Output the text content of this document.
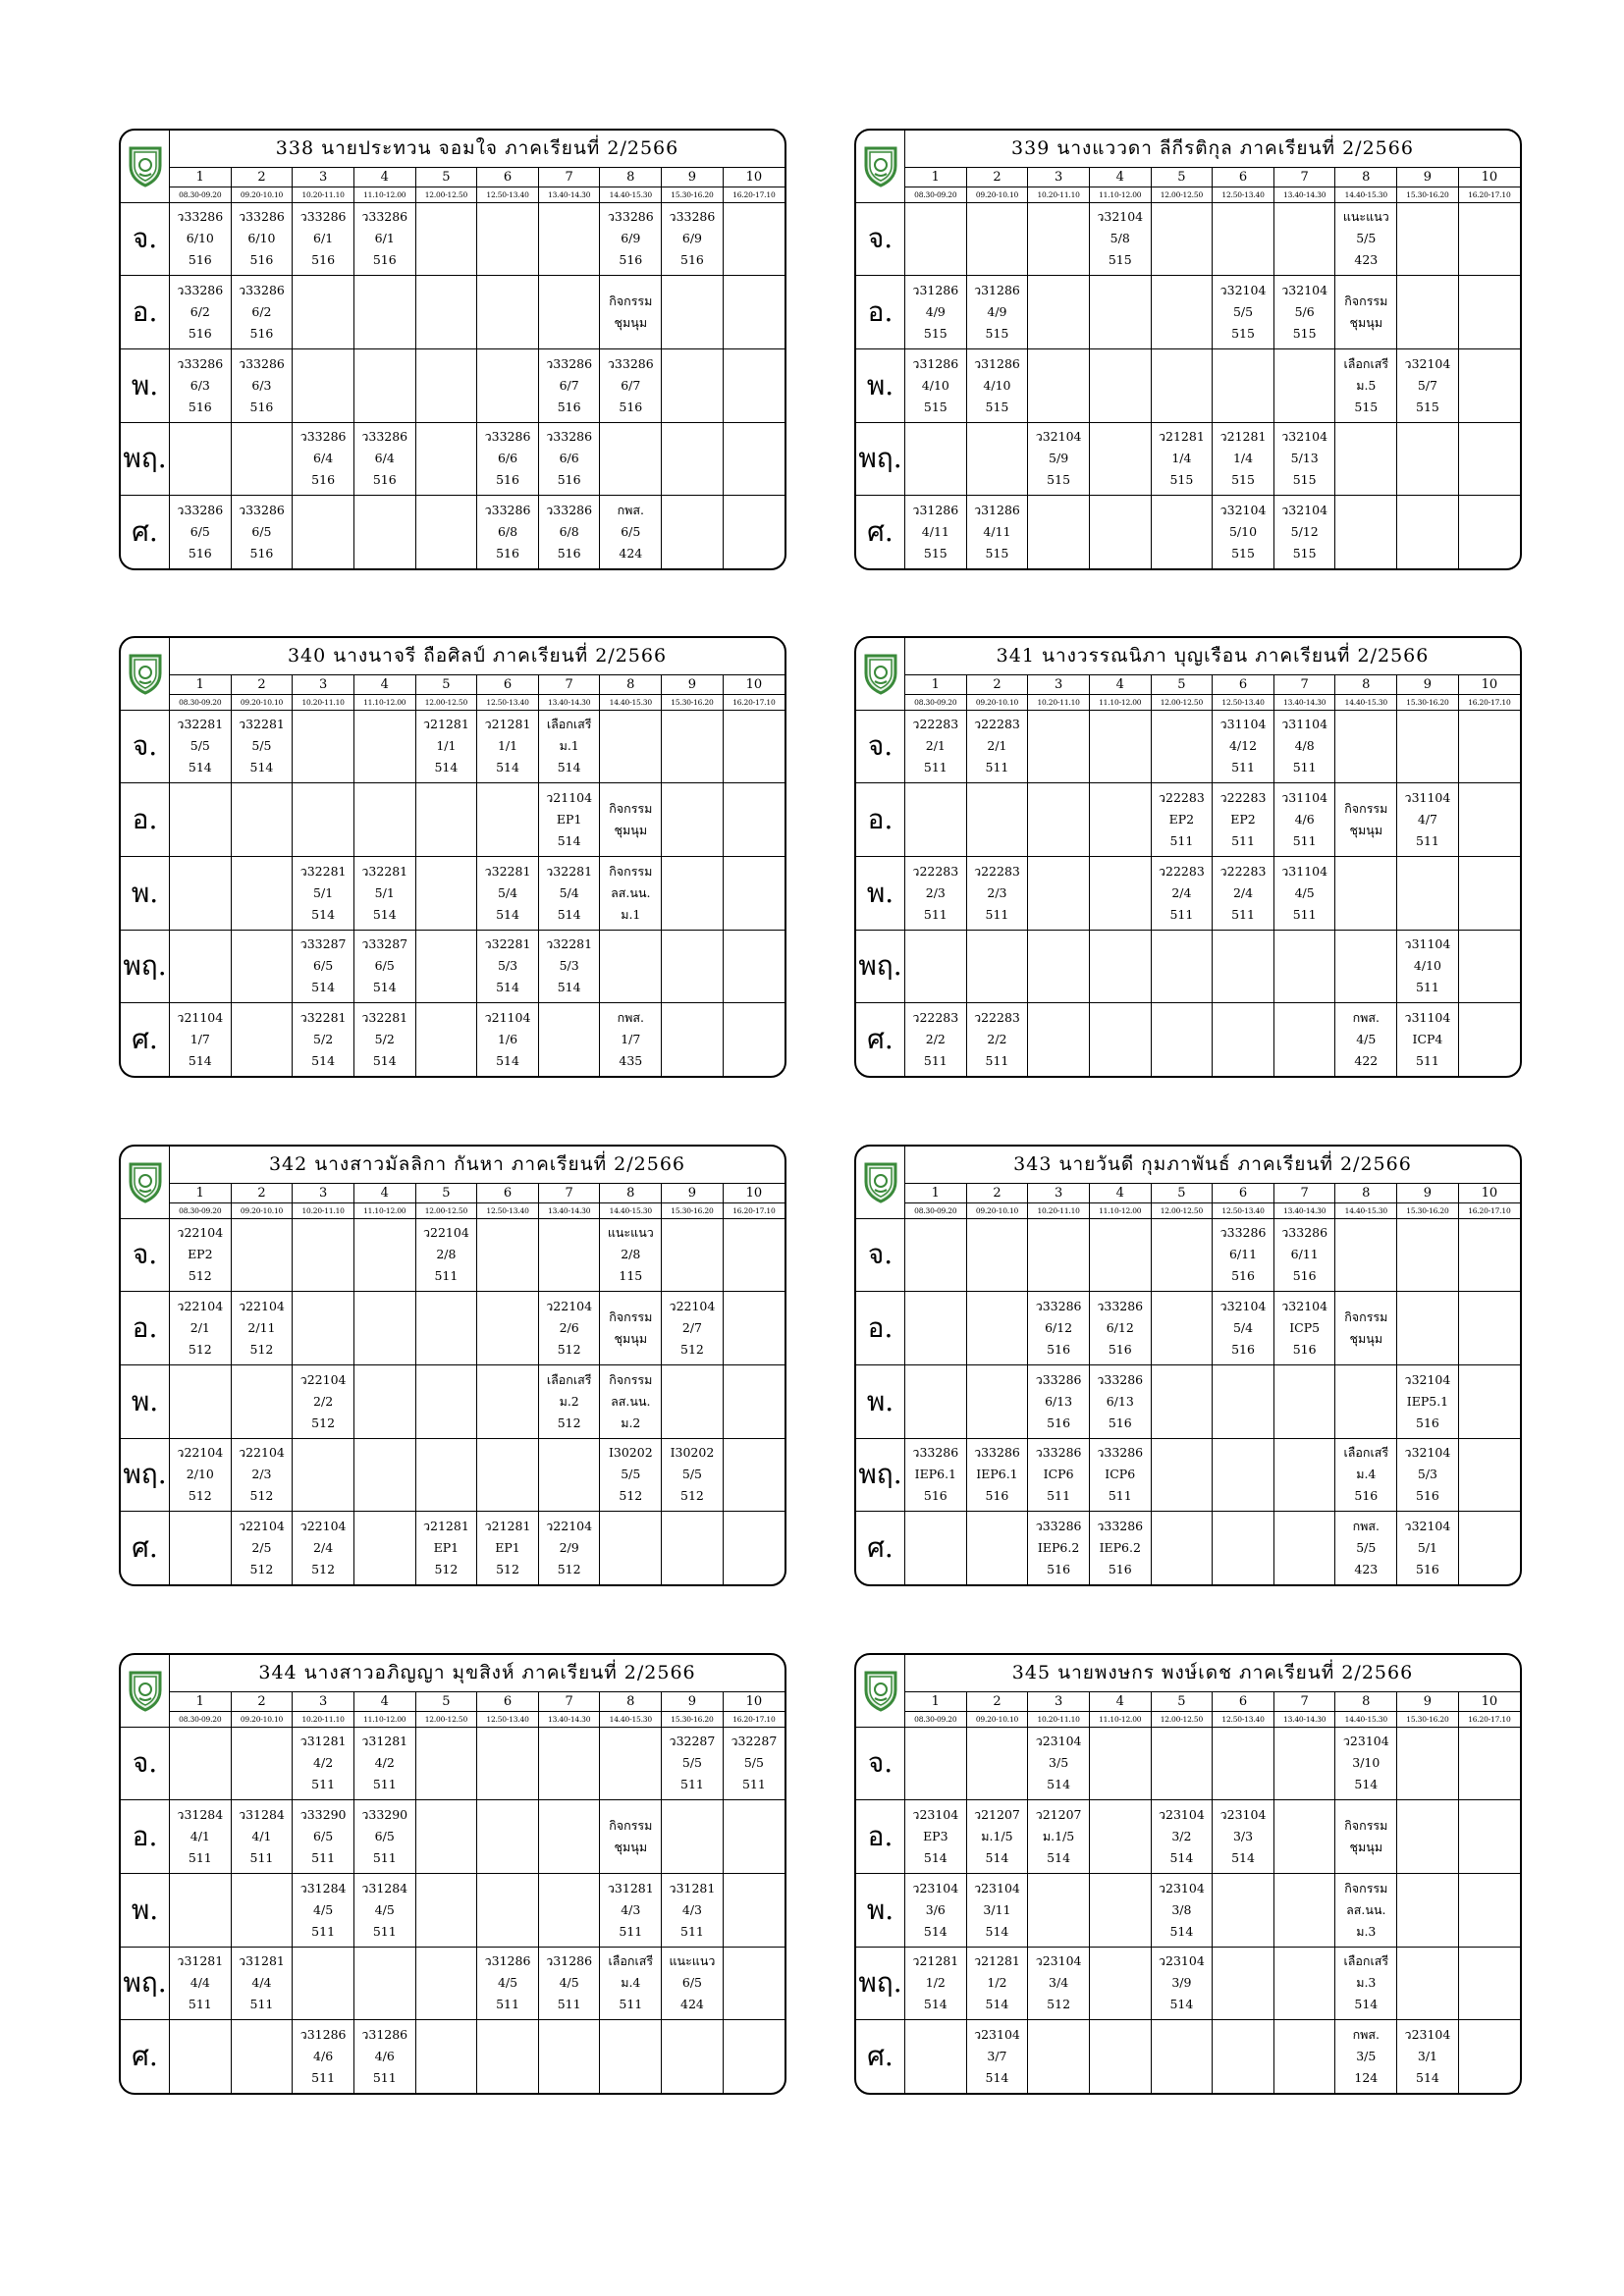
	338 นายประทวน จอมใจ ภาคเรียนที่ 2/2566									
	1	2	3	4	5	6	7	8	9	10
	08.30-09.20	09.20-10.10	10.20-11.10	11.10-12.00	12.00-12.50	12.50-13.40	13.40-14.30	14.40-15.30	15.30-16.20	16.20-17.10
จ.	ว33286
6/10
516	ว33286
6/10
516	ว33286
6/1
516	ว33286
6/1
516				ว33286
6/9
516	ว33286
6/9
516	

อ.	ว33286
6/2
516	ว33286
6/2
516						กิจกรรม
ชุมนุม		

พ.	ว33286
6/3
516	ว33286
6/3
516					ว33286
6/7
516	ว33286
6/7
516		

พฤ.			ว33286
6/4
516	ว33286
6/4
516		ว33286
6/6
516	ว33286
6/6
516			

ศ.	ว33286
6/5
516	ว33286
6/5
516				ว33286
6/8
516	ว33286
6/8
516	กพส.
6/5
424		

	339 นางแววดา ลีกีรติกุล ภาคเรียนที่ 2/2566									
	1	2	3	4	5	6	7	8	9	10
	08.30-09.20	09.20-10.10	10.20-11.10	11.10-12.00	12.00-12.50	12.50-13.40	13.40-14.30	14.40-15.30	15.30-16.20	16.20-17.10
จ.				ว32104
5/8
515				แนะแนว
5/5
423		

อ.	ว31286
4/9
515	ว31286
4/9
515				ว32104
5/5
515	ว32104
5/6
515	กิจกรรม
ชุมนุม		

พ.	ว31286
4/10
515	ว31286
4/10
515						เลือกเสรี
ม.5
515	ว32104
5/7
515	

พฤ.			ว32104
5/9
515		ว21281
1/4
515	ว21281
1/4
515	ว32104
5/13
515			

ศ.	ว31286
4/11
515	ว31286
4/11
515				ว32104
5/10
515	ว32104
5/12
515			

	340 นางนาจรี ถือศิลป์ ภาคเรียนที่ 2/2566									
	1	2	3	4	5	6	7	8	9	10
	08.30-09.20	09.20-10.10	10.20-11.10	11.10-12.00	12.00-12.50	12.50-13.40	13.40-14.30	14.40-15.30	15.30-16.20	16.20-17.10
จ.	ว32281
5/5
514	ว32281
5/5
514			ว21281
1/1
514	ว21281
1/1
514	เลือกเสรี
ม.1
514			

อ.							ว21104
EP1
514	กิจกรรม
ชุมนุม		

พ.			ว32281
5/1
514	ว32281
5/1
514		ว32281
5/4
514	ว32281
5/4
514	กิจกรรม
ลส.นน.
ม.1		

พฤ.			ว33287
6/5
514	ว33287
6/5
514		ว32281
5/3
514	ว32281
5/3
514			

ศ.	ว21104
1/7
514		ว32281
5/2
514	ว32281
5/2
514		ว21104
1/6
514		กพส.
1/7
435		

	341 นางวรรณนิภา บุญเรือน ภาคเรียนที่ 2/2566									
	1	2	3	4	5	6	7	8	9	10
	08.30-09.20	09.20-10.10	10.20-11.10	11.10-12.00	12.00-12.50	12.50-13.40	13.40-14.30	14.40-15.30	15.30-16.20	16.20-17.10
จ.	ว22283
2/1
511	ว22283
2/1
511				ว31104
4/12
511	ว31104
4/8
511			

อ.					ว22283
EP2
511	ว22283
EP2
511	ว31104
4/6
511	กิจกรรม
ชุมนุม	ว31104
4/7
511	

พ.	ว22283
2/3
511	ว22283
2/3
511			ว22283
2/4
511	ว22283
2/4
511	ว31104
4/5
511			

พฤ.									ว31104
4/10
511	

ศ.	ว22283
2/2
511	ว22283
2/2
511						กพส.
4/5
422	ว31104
ICP4
511	

	342 นางสาวมัลลิกา กันหา ภาคเรียนที่ 2/2566									
	1	2	3	4	5	6	7	8	9	10
	08.30-09.20	09.20-10.10	10.20-11.10	11.10-12.00	12.00-12.50	12.50-13.40	13.40-14.30	14.40-15.30	15.30-16.20	16.20-17.10
จ.	ว22104
EP2
512				ว22104
2/8
511			แนะแนว
2/8
115		

อ.	ว22104
2/1
512	ว22104
2/11
512					ว22104
2/6
512	กิจกรรม
ชุมนุม	ว22104
2/7
512	

พ.			ว22104
2/2
512				เลือกเสรี
ม.2
512	กิจกรรม
ลส.นน.
ม.2		

พฤ.	ว22104
2/10
512	ว22104
2/3
512						I30202
5/5
512	I30202
5/5
512	

ศ.		ว22104
2/5
512	ว22104
2/4
512		ว21281
EP1
512	ว21281
EP1
512	ว22104
2/9
512			

	343 นายวันดี กุมภาพันธ์ ภาคเรียนที่ 2/2566									
	1	2	3	4	5	6	7	8	9	10
	08.30-09.20	09.20-10.10	10.20-11.10	11.10-12.00	12.00-12.50	12.50-13.40	13.40-14.30	14.40-15.30	15.30-16.20	16.20-17.10
จ.						ว33286
6/11
516	ว33286
6/11
516			

อ.			ว33286
6/12
516	ว33286
6/12
516		ว32104
5/4
516	ว32104
ICP5
516	กิจกรรม
ชุมนุม		

พ.			ว33286
6/13
516	ว33286
6/13
516					ว32104
IEP5.1
516	

พฤ.	ว33286
IEP6.1
516	ว33286
IEP6.1
516	ว33286
ICP6
511	ว33286
ICP6
511				เลือกเสรี
ม.4
516	ว32104
5/3
516	

ศ.			ว33286
IEP6.2
516	ว33286
IEP6.2
516				กพส.
5/5
423	ว32104
5/1
516	

	344 นางสาวอภิญญา มุขสิงห์ ภาคเรียนที่ 2/2566									
	1	2	3	4	5	6	7	8	9	10
	08.30-09.20	09.20-10.10	10.20-11.10	11.10-12.00	12.00-12.50	12.50-13.40	13.40-14.30	14.40-15.30	15.30-16.20	16.20-17.10
จ.			ว31281
4/2
511	ว31281
4/2
511					ว32287
5/5
511	ว32287
5/5
511

อ.	ว31284
4/1
511	ว31284
4/1
511	ว33290
6/5
511	ว33290
6/5
511				กิจกรรม
ชุมนุม		

พ.			ว31284
4/5
511	ว31284
4/5
511				ว31281
4/3
511	ว31281
4/3
511	

พฤ.	ว31281
4/4
511	ว31281
4/4
511				ว31286
4/5
511	ว31286
4/5
511	เลือกเสรี
ม.4
511	แนะแนว
6/5
424	

ศ.			ว31286
4/6
511	ว31286
4/6
511						

	345 นายพงษกร พงษ์เดช ภาคเรียนที่ 2/2566									
	1	2	3	4	5	6	7	8	9	10
	08.30-09.20	09.20-10.10	10.20-11.10	11.10-12.00	12.00-12.50	12.50-13.40	13.40-14.30	14.40-15.30	15.30-16.20	16.20-17.10
จ.			ว23104
3/5
514					ว23104
3/10
514		

อ.	ว23104
EP3
514	ว21207
ม.1/5
514	ว21207
ม.1/5
514		ว23104
3/2
514	ว23104
3/3
514		กิจกรรม
ชุมนุม		

พ.	ว23104
3/6
514	ว23104
3/11
514			ว23104
3/8
514			กิจกรรม
ลส.นน.
ม.3		

พฤ.	ว21281
1/2
514	ว21281
1/2
514	ว23104
3/4
512		ว23104
3/9
514			เลือกเสรี
ม.3
514		

ศ.		ว23104
3/7
514						กพส.
3/5
124	ว23104
3/1
514	
